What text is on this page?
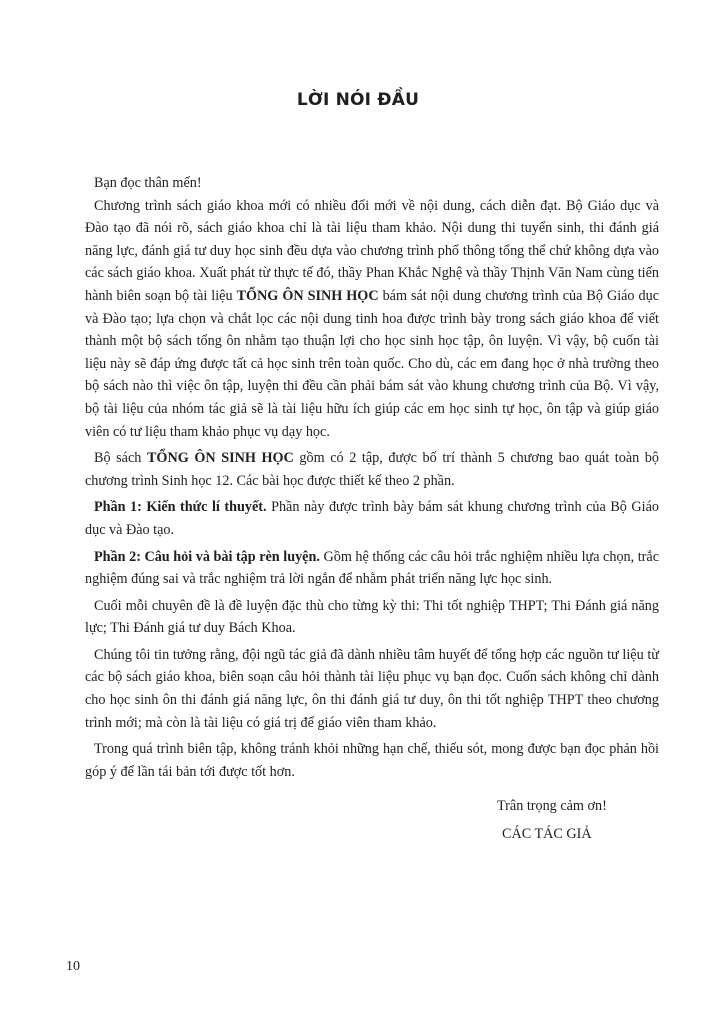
LỜI NÓI ĐẦU

Bạn đọc thân mến!

Chương trình sách giáo khoa mới có nhiều đổi mới về nội dung, cách diễn đạt. Bộ Giáo dục và Đào tạo đã nói rõ, sách giáo khoa chỉ là tài liệu tham khảo. Nội dung thi tuyển sinh, thi đánh giá năng lực, đánh giá tư duy học sinh đều dựa vào chương trình phổ thông tổng thể chứ không dựa vào các sách giáo khoa. Xuất phát từ thực tế đó, thầy Phan Khắc Nghệ và thầy Thịnh Văn Nam cùng tiến hành biên soạn bộ tài liệu TỔNG ÔN SINH HỌC bám sát nội dung chương trình của Bộ Giáo dục và Đào tạo; lựa chọn và chắt lọc các nội dung tinh hoa được trình bày trong sách giáo khoa để viết thành một bộ sách tổng ôn nhằm tạo thuận lợi cho học sinh học tập, ôn luyện. Vì vậy, bộ cuốn tài liệu này sẽ đáp ứng được tất cả học sinh trên toàn quốc. Cho dù, các em đang học ở nhà trường theo bộ sách nào thì việc ôn tập, luyện thi đều cần phải bám sát vào khung chương trình của Bộ. Vì vậy, bộ tài liệu của nhóm tác giả sẽ là tài liệu hữu ích giúp các em học sinh tự học, ôn tập và giúp giáo viên có tư liệu tham khảo phục vụ dạy học.

Bộ sách TỔNG ÔN SINH HỌC gồm có 2 tập, được bố trí thành 5 chương bao quát toàn bộ chương trình Sinh học 12. Các bài học được thiết kế theo 2 phần.

Phần 1: Kiến thức lí thuyết. Phần này được trình bày bám sát khung chương trình của Bộ Giáo dục và Đào tạo.

Phần 2: Câu hỏi và bài tập rèn luyện. Gồm hệ thống các câu hỏi trắc nghiệm nhiều lựa chọn, trắc nghiệm đúng sai và trắc nghiệm trả lời ngắn để nhằm phát triển năng lực học sinh.

Cuối mỗi chuyên đề là đề luyện đặc thù cho từng kỳ thi: Thi tốt nghiệp THPT; Thi Đánh giá năng lực; Thi Đánh giá tư duy Bách Khoa.

Chúng tôi tin tưởng rằng, đội ngũ tác giả đã dành nhiều tâm huyết để tổng hợp các nguồn tư liệu từ các bộ sách giáo khoa, biên soạn câu hỏi thành tài liệu phục vụ bạn đọc. Cuốn sách không chỉ dành cho học sinh ôn thi đánh giá năng lực, ôn thi đánh giá tư duy, ôn thi tốt nghiệp THPT theo chương trình mới; mà còn là tài liệu có giá trị để giáo viên tham khảo.

Trong quá trình biên tập, không tránh khỏi những hạn chế, thiếu sót, mong được bạn đọc phản hồi góp ý để lần tái bản tới được tốt hơn.

Trân trọng cảm ơn!
CÁC TÁC GIẢ
10
